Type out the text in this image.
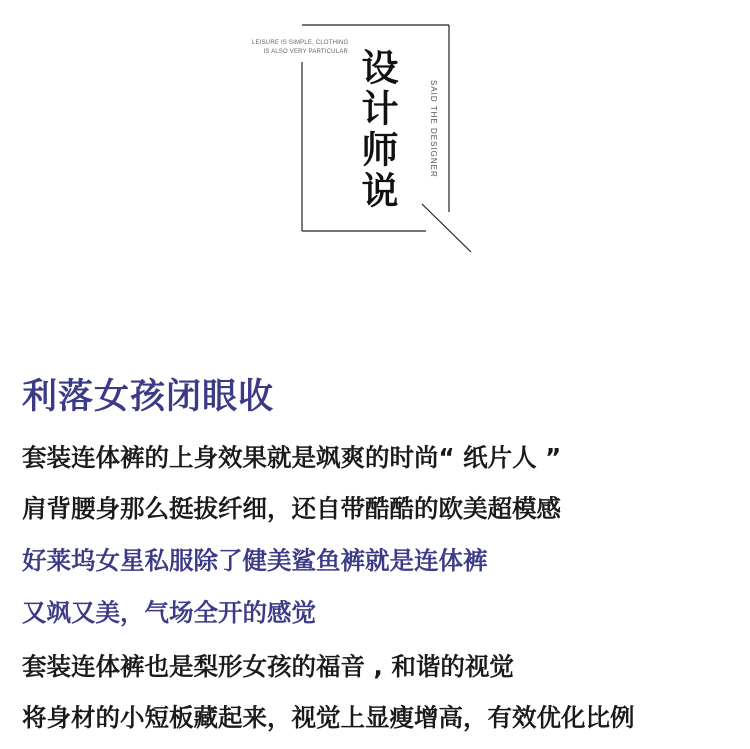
LEISURE IS SIMPLE, CLOTHING
IS ALSO VERY PARTICULAR 设计师说	SAID THE DESIGNER
利落女孩闭眼收
套装连体裤的上身效果就是飒爽的时尚“ 纸片人 ”
肩背腰身那么挺拔纤细，还自带酷酷的欧美超模感
好莱坞女星私服除了健美鲨鱼裤就是连体裤
又飒又美，气场全开的感觉
套装连体裤也是梨形女孩的福音 , 和谐的视觉
将身材的小短板藏起来，视觉上显瘦增高，有效优化比例
